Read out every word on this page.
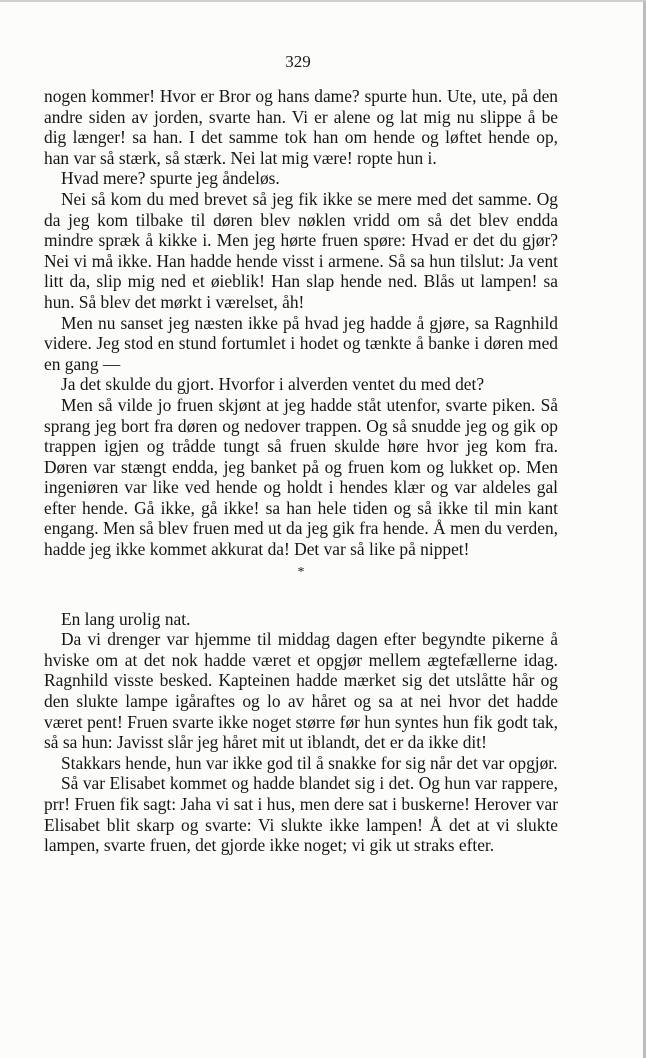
329

nogen kommer! Hvor er Bror og hans dame? spurte hun. Ute, ute, på den andre siden av jorden, svarte han. Vi er alene og lat mig nu slippe å be dig længer! sa han. I det samme tok han om hende og løftet hende op, han var så stærk, så stærk. Nei lat mig være! ropte hun i.

Hvad mere? spurte jeg åndeløs.

Nei så kom du med brevet så jeg fik ikke se mere med det samme. Og da jeg kom tilbake til døren blev nøklen vridd om så det blev endda mindre spræk å kikke i. Men jeg hørte fruen spøre: Hvad er det du gjør? Nei vi må ikke. Han hadde hende visst i armene. Så sa hun tilslut: Ja vent litt da, slip mig ned et øieblik! Han slap hende ned. Blås ut lampen! sa hun. Så blev det mørkt i værelset, åh!

Men nu sanset jeg næsten ikke på hvad jeg hadde å gjøre, sa Ragnhild videre. Jeg stod en stund fortumlet i hodet og tænkte å banke i døren med en gang —

Ja det skulde du gjort. Hvorfor i alverden ventet du med det?

Men så vilde jo fruen skjønt at jeg hadde ståt utenfor, svarte piken. Så sprang jeg bort fra døren og nedover trappen. Og så snudde jeg og gik op trappen igjen og trådde tungt så fruen skulde høre hvor jeg kom fra. Døren var stængt endda, jeg banket på og fruen kom og lukket op. Men ingeniøren var like ved hende og holdt i hendes klær og var aldeles gal efter hende. Gå ikke, gå ikke! sa han hele tiden og så ikke til min kant engang. Men så blev fruen med ut da jeg gik fra hende. Å men du verden, hadde jeg ikke kommet akkurat da! Det var så like på nippet!

*

En lang urolig nat.

Da vi drenger var hjemme til middag dagen efter begyndte pikerne å hviske om at det nok hadde været et opgjør mellem ægtefællerne idag. Ragnhild visste besked. Kapteinen hadde mærket sig det utslåtte hår og den slukte lampe igåraftes og lo av håret og sa at nei hvor det hadde været pent! Fruen svarte ikke noget større før hun syntes hun fik godt tak, så sa hun: Javisst slår jeg håret mit ut iblandt, det er da ikke dit!

Stakkars hende, hun var ikke god til å snakke for sig når det var opgjør.

Så var Elisabet kommet og hadde blandet sig i det. Og hun var rappere, prr! Fruen fik sagt: Jaha vi sat i hus, men dere sat i buskerne! Herover var Elisabet blit skarp og svarte: Vi slukte ikke lampen! Å det at vi slukte lampen, svarte fruen, det gjorde ikke noget; vi gik ut straks efter.
